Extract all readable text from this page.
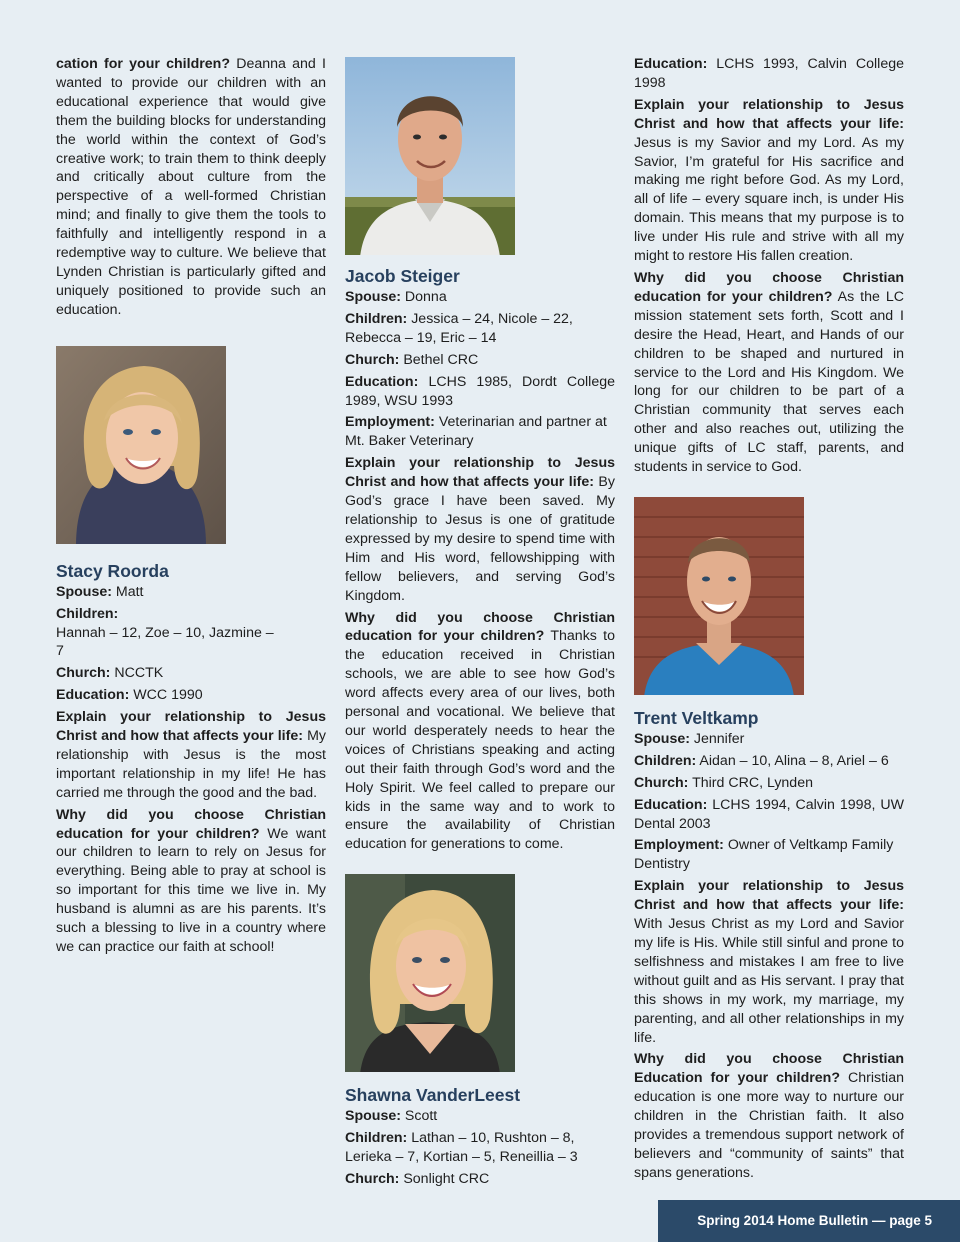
cation for your children? Deanna and I wanted to provide our children with an educational experience that would give them the building blocks for understanding the world within the context of God’s creative work; to train them to think deeply and critically about culture from the perspective of a well-formed Christian mind; and finally to give them the tools to faithfully and intelligently respond in a redemptive way to culture. We believe that Lynden Christian is particularly gifted and uniquely positioned to provide such an education.

Stacy Roorda

Spouse: Matt

Children:Hannah – 12, Zoe – 10, Jazmine – 7

Church: NCCTK

Education: WCC 1990

Explain your relationship to Jesus Christ and how that affects your life: My relationship with Jesus is the most important relationship in my life! He has carried me through the good and the bad.

Why did you choose Christian education for your children? We want our children to learn to rely on Jesus for everything. Being able to pray at school is so important for this time we live in. My husband is alumni as are his parents. It’s such a blessing to live in a country where we can practice our faith at school!

Jacob Steiger

Spouse: Donna

Children: Jessica – 24, Nicole – 22, Rebecca – 19, Eric – 14

Church: Bethel CRC

Education: LCHS 1985, Dordt College 1989, WSU 1993

Employment: Veterinarian and partner at Mt. Baker Veterinary

Explain your relationship to Jesus Christ and how that affects your life: By God’s grace I have been saved. My relationship to Jesus is one of gratitude expressed by my desire to spend time with Him and His word, fellowshipping with fellow believers, and serving God’s Kingdom.

Why did you choose Christian education for your children? Thanks to the education received in Christian schools, we are able to see how God’s word affects every area of our lives, both personal and vocational. We believe that our world desperately needs to hear the voices of Christians speaking and acting out their faith through God’s word and the Holy Spirit. We feel called to prepare our kids in the same way and to work to ensure the availability of Christian education for generations to come.

Shawna VanderLeest

Spouse: Scott

Children: Lathan – 10, Rushton – 8, Lerieka – 7, Kortian – 5, Reneillia – 3

Church: Sonlight CRC

Education: LCHS 1993, Calvin College 1998

Explain your relationship to Jesus Christ and how that affects your life: Jesus is my Savior and my Lord. As my Savior, I’m grateful for His sacrifice and making me right before God. As my Lord, all of life – every square inch, is under His domain. This means that my purpose is to live under His rule and strive with all my might to restore His fallen creation.

Why did you choose Christian education for your children? As the LC mission statement sets forth, Scott and I desire the Head, Heart, and Hands of our children to be shaped and nurtured in service to the Lord and His Kingdom. We long for our children to be part of a Christian community that serves each other and also reaches out, utilizing the unique gifts of LC staff, parents, and students in service to God.

Trent Veltkamp

Spouse: Jennifer

Children: Aidan – 10, Alina – 8, Ariel – 6

Church: Third CRC, Lynden

Education: LCHS 1994, Calvin 1998, UW Dental 2003

Employment: Owner of Veltkamp Family Dentistry

Explain your relationship to Jesus Christ and how that affects your life: With Jesus Christ as my Lord and Savior my life is His. While still sinful and prone to selfishness and mistakes I am free to live without guilt and as His servant. I pray that this shows in my work, my marriage, my parenting, and all other relationships in my life.

Why did you choose Christian Education for your children? Christian education is one more way to nurture our children in the Christian faith. It also provides a tremendous support network of believers and “community of saints” that spans generations.

Spring 2014 Home Bulletin — page 5
